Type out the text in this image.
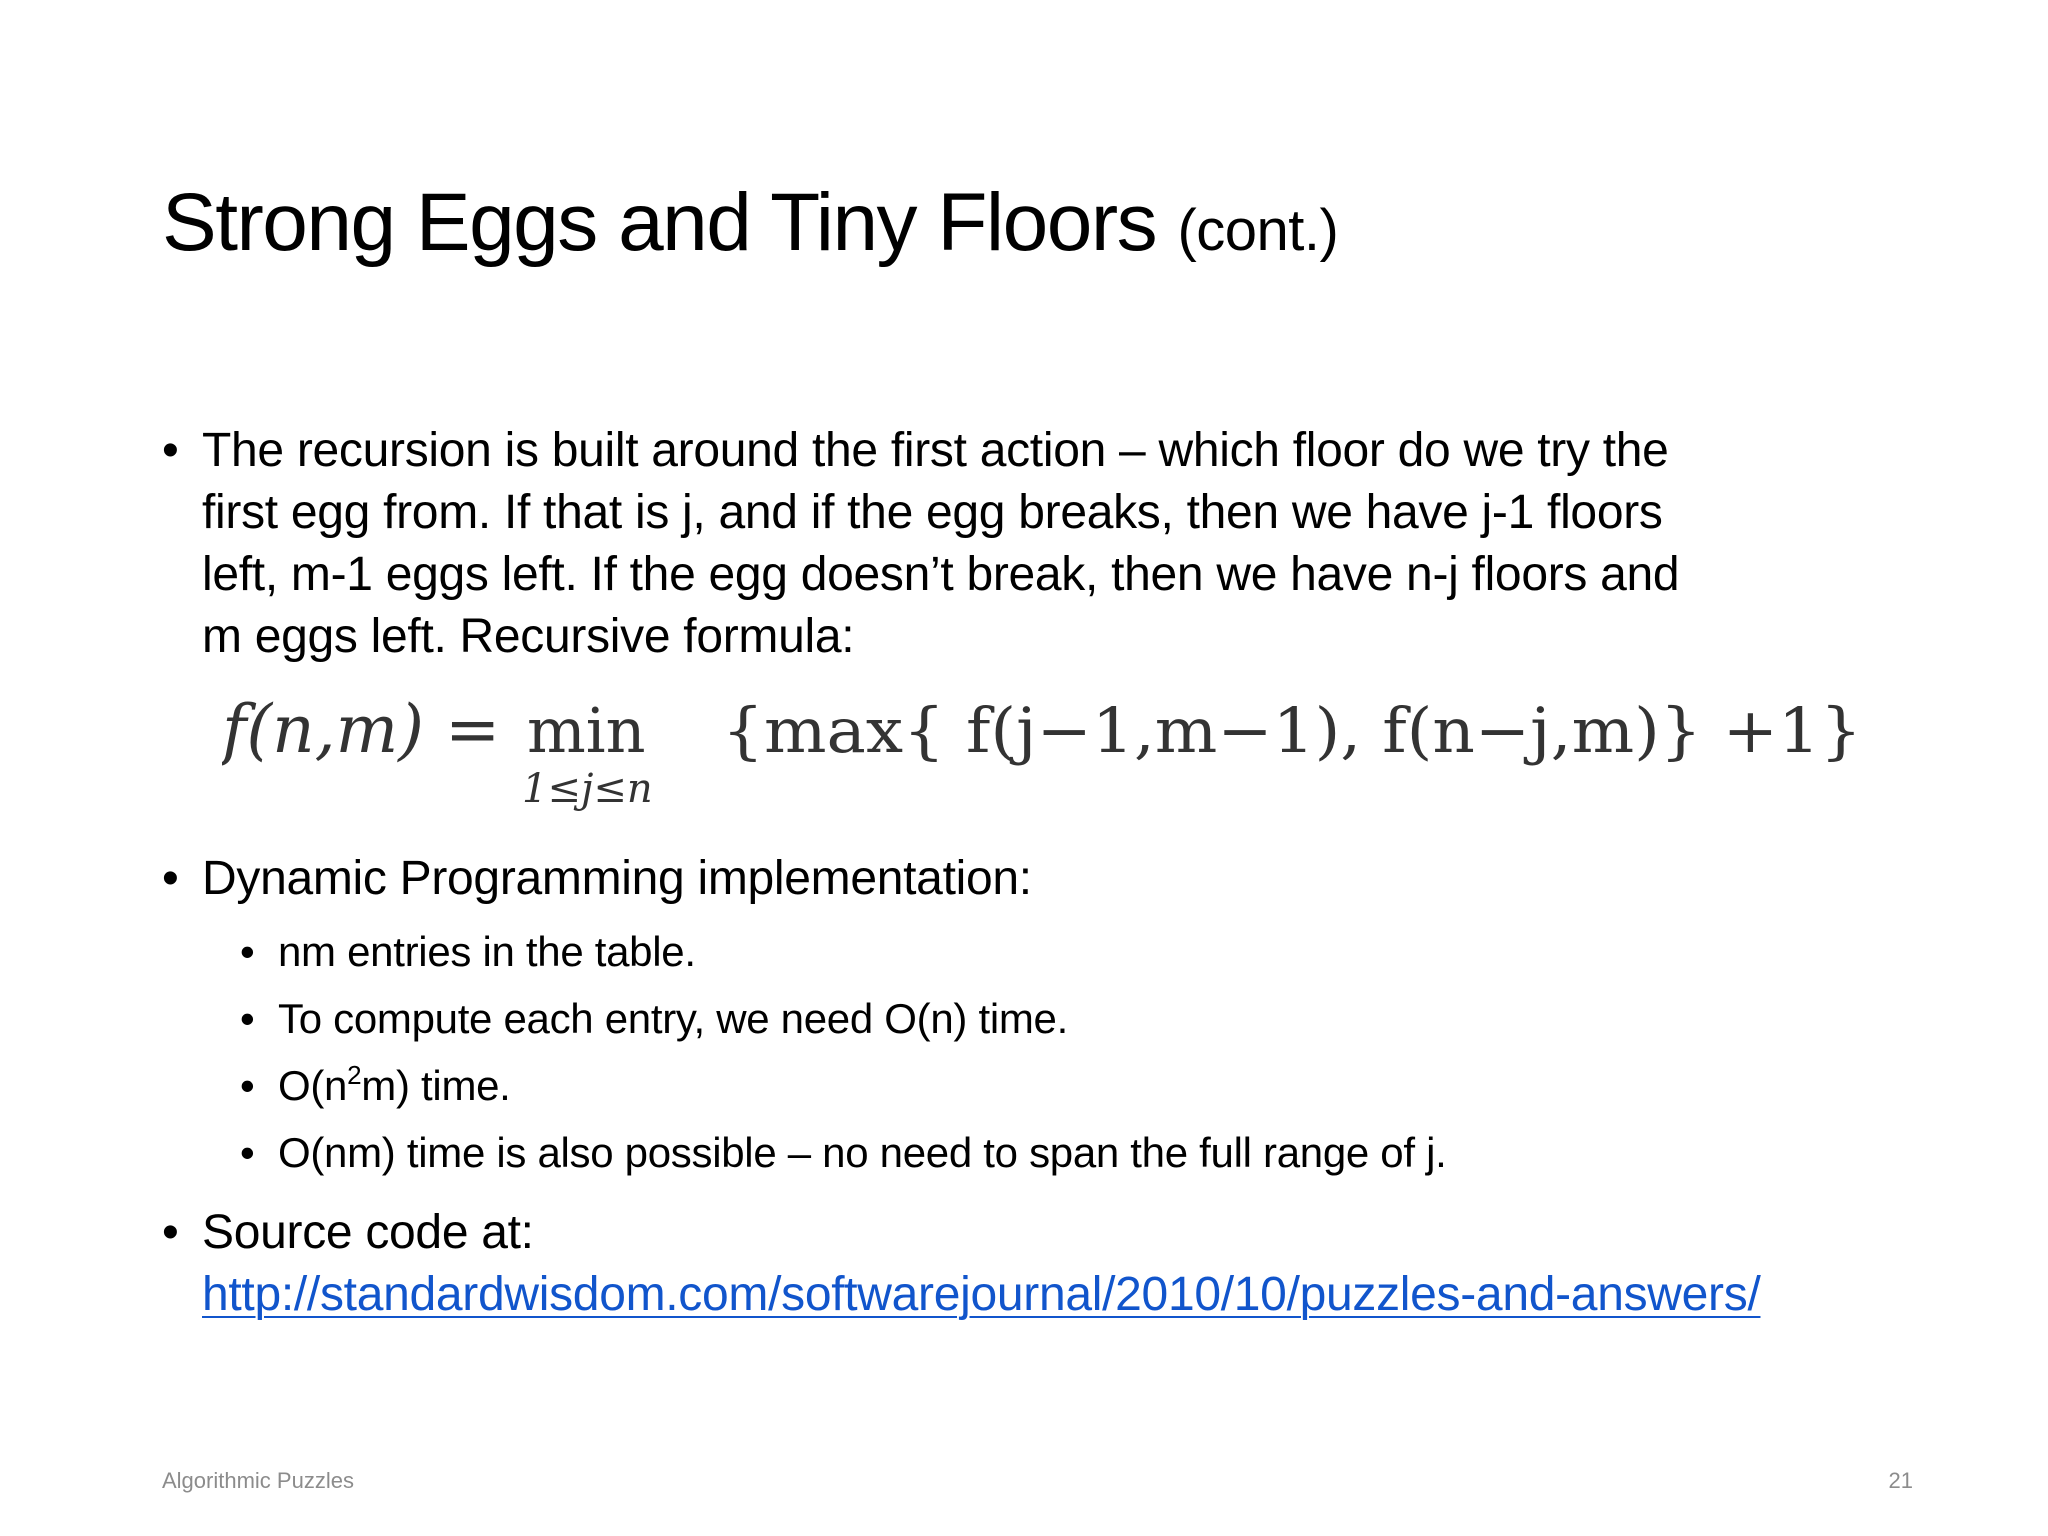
Strong Eggs and Tiny Floors (cont.)
• The recursion is built around the first action – which floor do we try the
first egg from. If that is j, and if the egg breaks, then we have j-1 floors
left, m-1 eggs left. If the egg doesn’t break, then we have n-j floors and
m eggs left. Recursive formula:
f(n,m) = min
1≤j≤n
{max{ f(j−1,m−1), f(n−j,m)} +1}
• Dynamic Programming implementation:
• nm entries in the table.
• To compute each entry, we need O(n) time.
• $O(n^2m)$ time.
• O(nm) time is also possible – no need to span the full range of j.
• Source code at:
http://standardwisdom.com/softwarejournal/2010/10/puzzles-and-answers/
Algorithmic Puzzles	21
